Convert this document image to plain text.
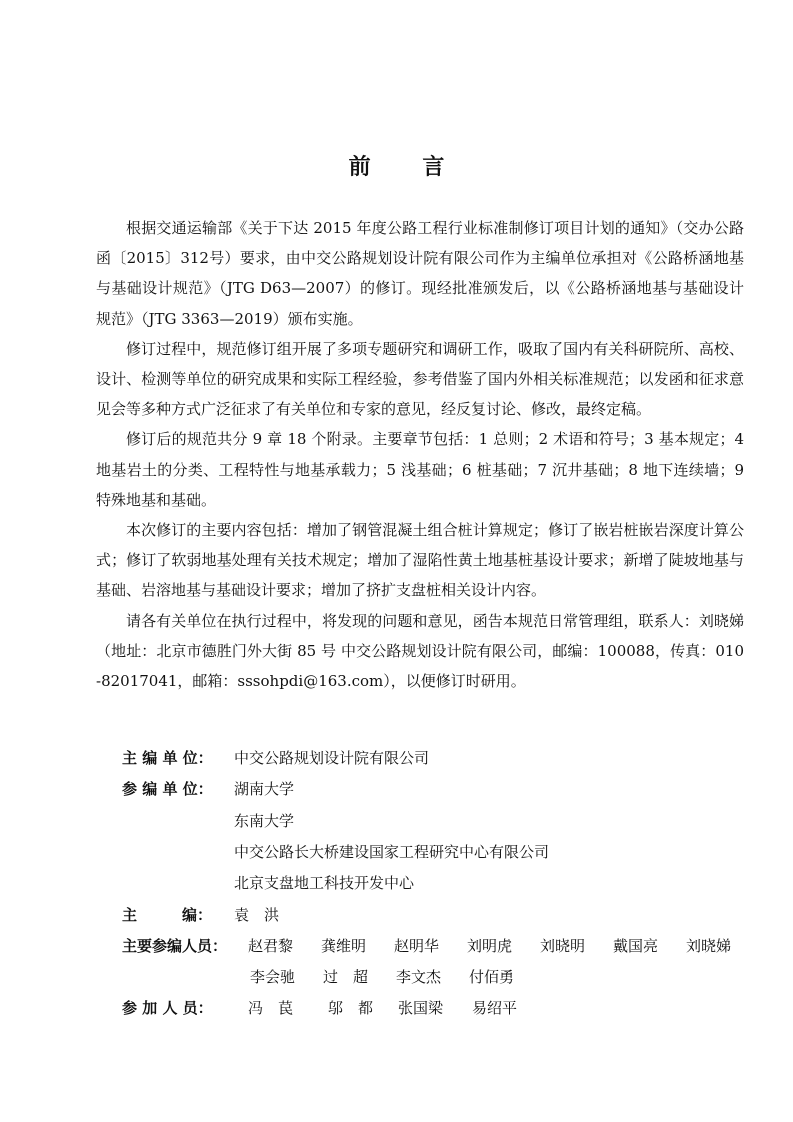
前 言

根据交通运输部《关于下达 2015 年度公路工程行业标准制修订项目计划的通知》（交办公路函〔2015〕312号）要求，由中交公路规划设计院有限公司作为主编单位承担对《公路桥涵地基与基础设计规范》（JTG D63—2007）的修订。现经批准颁发后，以《公路桥涵地基与基础设计规范》（JTG 3363—2019）颁布实施。

修订过程中，规范修订组开展了多项专题研究和调研工作，吸取了国内有关科研院所、高校、设计、检测等单位的研究成果和实际工程经验，参考借鉴了国内外相关标准规范；以发函和征求意见会等多种方式广泛征求了有关单位和专家的意见，经反复讨论、修改，最终定稿。

修订后的规范共分 9 章 18 个附录。主要章节包括：1 总则；2 术语和符号；3 基本规定；4 地基岩土的分类、工程特性与地基承载力；5 浅基础；6 桩基础；7 沉井基础；8 地下连续墙；9 特殊地基和基础。

本次修订的主要内容包括：增加了钢管混凝土组合桩计算规定；修订了嵌岩桩嵌岩深度计算公式；修订了软弱地基处理有关技术规定；增加了湿陷性黄土地基桩基设计要求；新增了陡坡地基与基础、岩溶地基与基础设计要求；增加了挤扩支盘桩相关设计内容。

请各有关单位在执行过程中，将发现的问题和意见，函告本规范日常管理组，联系人：刘晓娣（地址：北京市德胜门外大街 85 号 中交公路规划设计院有限公司，邮编：100088，传真：010-82017041，邮箱：sssohpdi@163.com），以便修订时研用。

主 编 单 位： 中交公路规划设计院有限公司
参 编 单 位： 湖南大学
东南大学
中交公路长大桥建设国家工程研究中心有限公司
北京支盘地工科技开发中心
主　　　编： 袁　洪
主要参编人员： 赵君黎 龚维明 赵明华 刘明虎 刘晓明 戴国亮 刘晓娣
李会驰 过　超 李文杰 付佰勇
参 加 人 员： 冯　苠 邬　都 张国梁 易绍平
